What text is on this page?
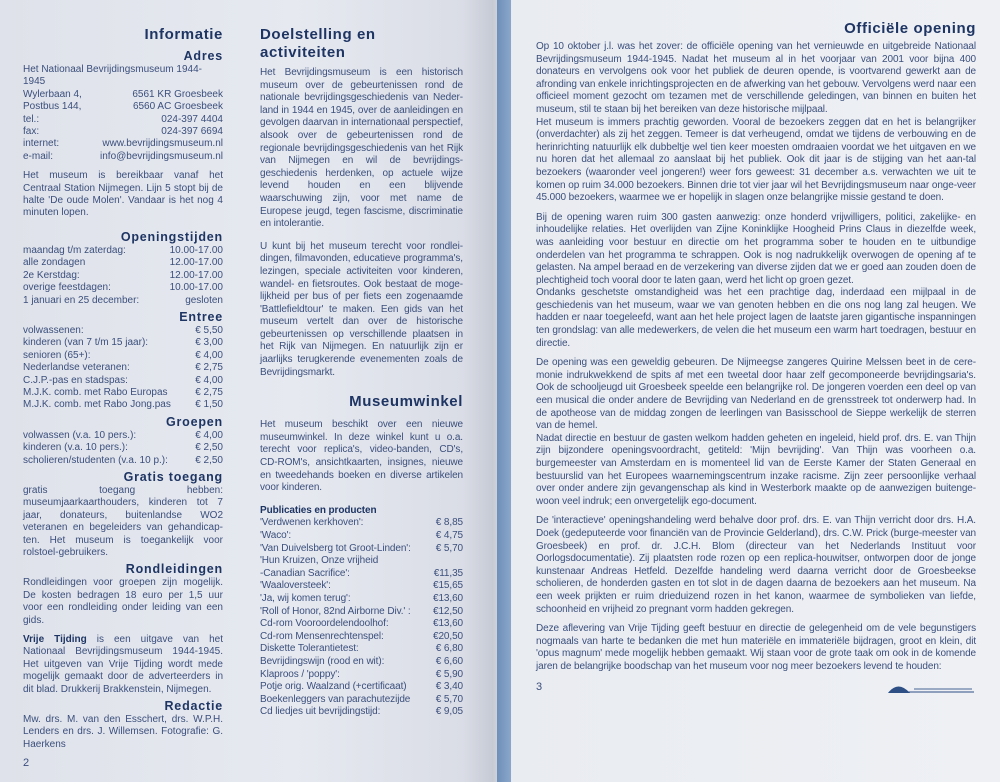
Informatie
Adres
Het Nationaal Bevrijdingsmuseum 1944-1945
Wylerbaan 4,	6561 KR Groesbeek
Postbus 144,	6560 AC Groesbeek
tel.:	024-397 4404
fax:	024-397 6694
internet:	www.bevrijdingsmuseum.nl
e-mail:	info@bevrijdingsmuseum.nl

Het museum is bereikbaar vanaf het Centraal Station Nijmegen. Lijn 5 stopt bij de halte 'De oude Molen'. Vandaar is het nog 4 minuten lopen.

Openingstijden
maandag t/m zaterdag:	10.00-17.00
alle zondagen	12.00-17.00
2e Kerstdag:	12.00-17.00
overige feestdagen:	10.00-17.00
1 januari en 25 december:	gesloten
Entree
volwassenen:	€ 5,50
kinderen (van 7 t/m 15 jaar):	€ 3,00
senioren (65+):	€ 4,00
Nederlandse veteranen:	€ 2,75
C.J.P.-pas en stadspas:	€ 4,00
M.J.K. comb. met Rabo Europas	€ 2,75
M.J.K. comb. met Rabo Jong.pas	€ 1,50
Groepen
volwassen (v.a. 10 pers.):	€ 4,00
kinderen (v.a. 10 pers.):	€ 2,50
scholieren/studenten (v.a. 10 p.):	€ 2,50
Gratis toegang

gratis toegang hebben: museumjaarkaarthouders, kinderen tot 7 jaar, donateurs, buitenlandse WO2 veteranen en begeleiders van gehandicap-ten. Het museum is toegankelijk voor rolstoel-gebruikers.

Rondleidingen

Rondleidingen voor groepen zijn mogelijk. De kosten bedragen 18 euro per 1,5 uur voor een rondleiding onder leiding van een gids.

Vrije Tijding is een uitgave van het Nationaal Bevrijdingsmuseum 1944-1945. Het uitgeven van Vrije Tijding wordt mede mogelijk gemaakt door de adverteerders in dit blad. Drukkerij Brakkenstein, Nijmegen.

Redactie

Mw. drs. M. van den Esschert, drs. W.P.H. Lenders en drs. J. Willemsen. Fotografie: G. Haerkens

2
Doelstelling en activiteiten

Het Bevrijdingsmuseum is een historisch museum over de gebeurtenissen rond de nationale bevrijdingsgeschiedenis van Neder-land in 1944 en 1945, over de aanleidingen en gevolgen daarvan in internationaal perspectief, alsook over de gebeurtenissen rond de regionale bevrijdingsgeschiedenis van het Rijk van Nijmegen en wil de bevrijdings-geschiedenis herdenken, op actuele wijze levend houden en een blijvende waarschuwing zijn, voor met name de Europese jeugd, tegen fascisme, discriminatie en intolerantie.

U kunt bij het museum terecht voor rondlei-dingen, filmavonden, educatieve programma's, lezingen, speciale activiteiten voor kinderen, wandel- en fietsroutes. Ook bestaat de moge-lijkheid per bus of per fiets een zogenaamde 'Battlefieldtour' te maken. Een gids van het museum vertelt dan over de historische gebeurtenissen op verschillende plaatsen in het Rijk van Nijmegen. En natuurlijk zijn er jaarlijks terugkerende evenementen zoals de Bevrijdingsmarkt.

Museumwinkel

Het museum beschikt over een nieuwe museumwinkel. In deze winkel kunt u o.a. terecht voor replica's, video-banden, CD's, CD-ROM's, ansichtkaarten, insignes, nieuwe en tweedehands boeken en diverse artikelen voor kinderen.

Publicaties en producten
'Verdwenen kerkhoven':	€ 8,85
'Waco':	€ 4,75
'Van Duivelsberg tot Groot-Linden':	€ 5,70
'Hun Kruizen, Onze vrijheid
-Canadian Sacrifice':	€11,35
'Waaloversteek':	€15,65
'Ja, wij komen terug':	€13,60
'Roll of Honor, 82nd Airborne Div.' :	€12,50
Cd-rom Vooroordelendoolhof:	€13,60
Cd-rom Mensenrechtenspel:	€20,50
Diskette Tolerantietest:	€ 6,80
Bevrijdingswijn (rood en wit):	€ 6,60
Klaproos / 'poppy':	€ 5,90
Potje orig. Waalzand (+certificaat)	€ 3,40
Boekenleggers van parachutezijde	€ 5,70
Cd liedjes uit bevrijdingstijd:	€ 9,05
Officiële opening

Op 10 oktober j.l. was het zover: de officiële opening van het vernieuwde en uitgebreide Nationaal Bevrijdingsmuseum 1944-1945. Nadat het museum al in het voorjaar van 2001 voor bijna 400 donateurs en vervolgens ook voor het publiek de deuren opende, is voortvarend gewerkt aan de afronding van enkele inrichtingsprojecten en de afwerking van het gebouw. Vervolgens werd naar een officieel moment gezocht om tezamen met de verschillende geledingen, van binnen en buiten het museum, stil te staan bij het bereiken van deze historische mijlpaal.

Het museum is immers prachtig geworden. Vooral de bezoekers zeggen dat en het is belangrijker (onverdachter) als zij het zeggen. Temeer is dat verheugend, omdat we tijdens de verbouwing en de herinrichting natuurlijk elk dubbeltje wel tien keer moesten omdraaien voordat we het uitgaven en we nu horen dat het allemaal zo aanslaat bij het publiek. Ook dit jaar is de stijging van het aan-tal bezoekers (waaronder veel jongeren!) weer fors geweest: 31 december a.s. verwachten we uit te komen op ruim 34.000 bezoekers. Binnen drie tot vier jaar wil het Bevrijdingsmuseum naar onge-veer 45.000 bezoekers, waarmee we er hopelijk in slagen onze belangrijke missie gestand te doen.

Bij de opening waren ruim 300 gasten aanwezig: onze honderd vrijwilligers, politici, zakelijke- en inhoudelijke relaties. Het overlijden van Zijne Koninklijke Hoogheid Prins Claus in diezelfde week, was aanleiding voor bestuur en directie om het programma sober te houden en te uitbundige onderdelen van het programma te schrappen. Ook is nog nadrukkelijk overwogen de opening af te gelasten. Na ampel beraad en de verzekering van diverse zijden dat we er goed aan zouden doen de plechtigheid toch vooral door te laten gaan, werd het licht op groen gezet.

Ondanks geschetste omstandigheid was het een prachtige dag, inderdaad een mijlpaal in de geschiedenis van het museum, waar we van genoten hebben en die ons nog lang zal heugen. We hadden er naar toegeleefd, want aan het hele project lagen de laatste jaren gigantische inspanningen ten grondslag: van alle medewerkers, de velen die het museum een warm hart toedragen, bestuur en directie.

De opening was een geweldig gebeuren. De Nijmeegse zangeres Quirine Melssen beet in de cere-monie indrukwekkend de spits af met een tweetal door haar zelf gecomponeerde bevrijdingsaria's. Ook de schooljeugd uit Groesbeek speelde een belangrijke rol. De jongeren voerden een deel op van een musical die onder andere de Bevrijding van Nederland en de grensstreek tot onderwerp had. In de apotheose van de middag zongen de leerlingen van Basisschool de Sieppe werkelijk de sterren van de hemel.

Nadat directie en bestuur de gasten welkom hadden geheten en ingeleid, hield prof. drs. E. van Thijn zijn bijzondere openingsvoordracht, getiteld: 'Mijn bevrijding'. Van Thijn was voorheen o.a. burgemeester van Amsterdam en is momenteel lid van de Eerste Kamer der Staten Generaal en bestuurslid van het Europees waarnemingscentrum inzake racisme. Zijn zeer persoonlijke verhaal over onder andere zijn gevangenschap als kind in Westerbork maakte op de aanwezigen buitenge-woon veel indruk; een onvergetelijk ego-document.

De 'interactieve' openingshandeling werd behalve door prof. drs. E. van Thijn verricht door drs. H.A. Doek (gedeputeerde voor financiën van de Provincie Gelderland), drs. C.W. Prick (burge-meester van Groesbeek) en prof. dr. J.C.H. Blom (directeur van het Nederlands Instituut voor Oorlogsdocumentatie). Zij plaatsten rode rozen op een replica-houwitser, ontworpen door de jonge kunstenaar Andreas Hetfeld. Dezelfde handeling werd daarna verricht door de Groesbeekse scholieren, de honderden gasten en tot slot in de dagen daarna de bezoekers aan het museum. Na een week prijkten er ruim drieduizend rozen in het kanon, waarmee de symbolieken van liefde, schoonheid en vrijheid zo pregnant vorm hadden gekregen.

Deze aflevering van Vrije Tijding geeft bestuur en directie de gelegenheid om de vele begunstigers nogmaals van harte te bedanken die met hun materiële en immateriële bijdragen, groot en klein, dit 'opus magnum' mede mogelijk hebben gemaakt. Wij staan voor de grote taak om ook in de komende jaren de belangrijke boodschap van het museum voor nog meer bezoekers levend te houden:

3
